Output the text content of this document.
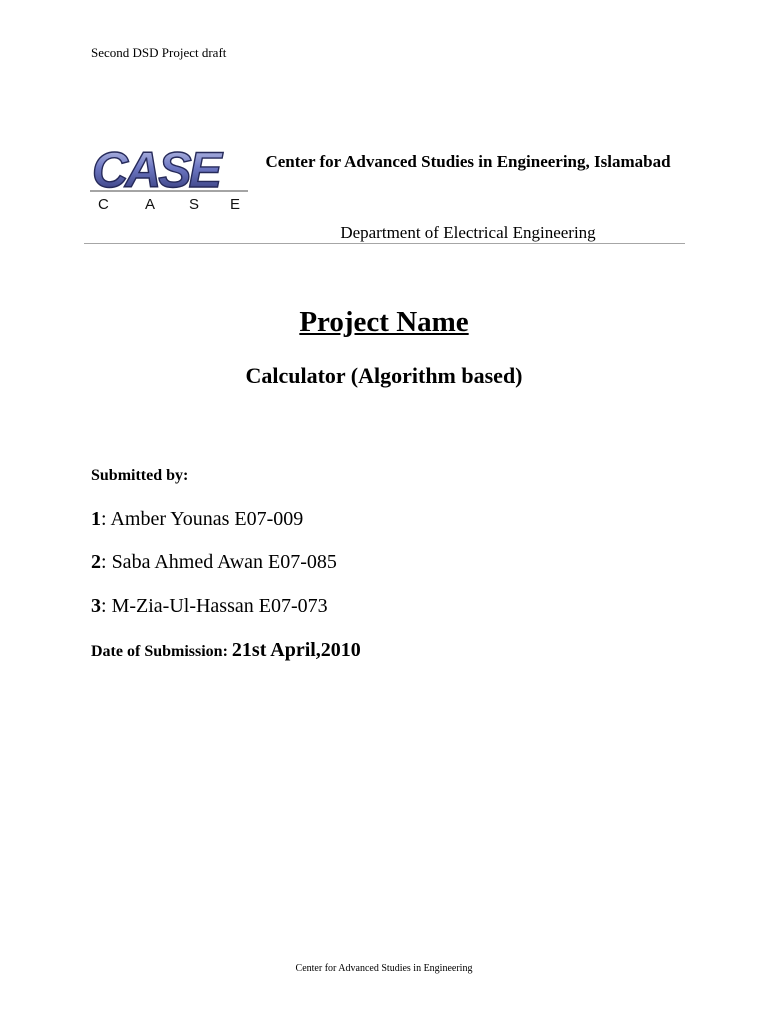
Second DSD Project draft
CASE
C A S E
Center for Advanced Studies in Engineering, Islamabad
Department of Electrical Engineering
Project Name
Calculator (Algorithm based)
Submitted by:
1: Amber Younas E07-009
2: Saba Ahmed Awan E07-085
3: M-Zia-Ul-Hassan E07-073
Date of Submission: 21st April,2010
Center for Advanced Studies in Engineering
